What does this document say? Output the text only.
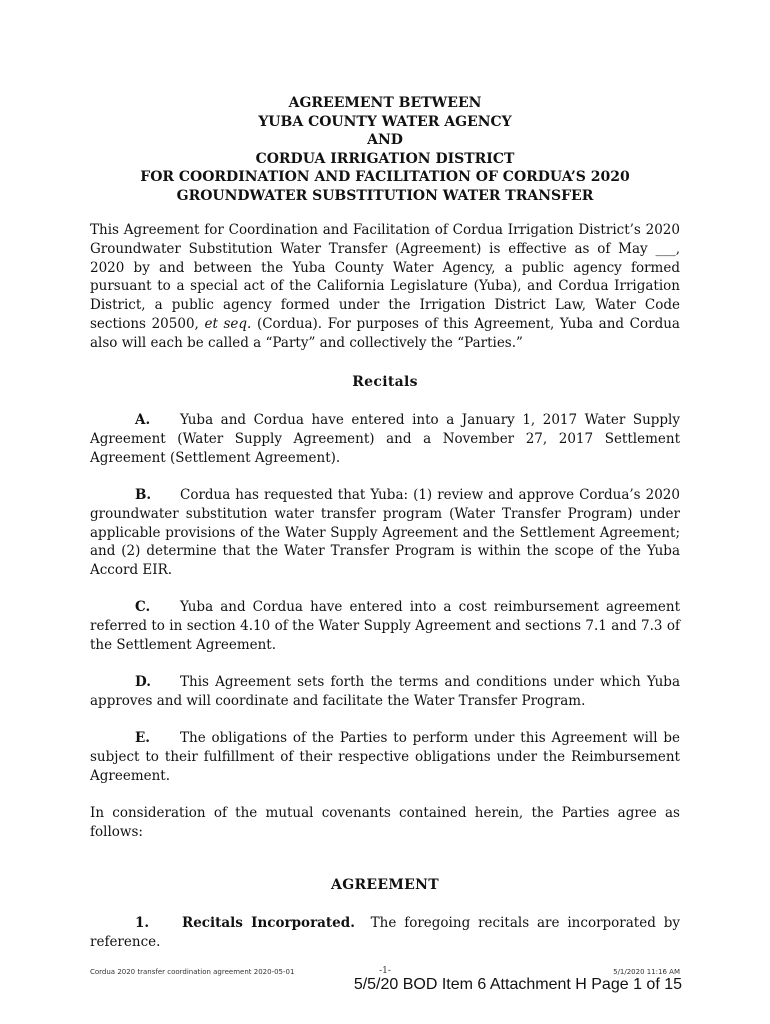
AGREEMENT BETWEEN
YUBA COUNTY WATER AGENCY
AND
CORDUA IRRIGATION DISTRICT
FOR COORDINATION AND FACILITATION OF CORDUA’S 2020
GROUNDWATER SUBSTITUTION WATER TRANSFER
This Agreement for Coordination and Facilitation of Cordua Irrigation District’s 2020 Groundwater Substitution Water Transfer (Agreement) is effective as of May ___, 2020 by and between the Yuba County Water Agency, a public agency formed pursuant to a special act of the California Legislature (Yuba), and Cordua Irrigation District, a public agency formed under the Irrigation District Law, Water Code sections 20500, et seq. (Cordua). For purposes of this Agreement, Yuba and Cordua also will each be called a “Party” and collectively the “Parties.”
Recitals
A. Yuba and Cordua have entered into a January 1, 2017 Water Supply Agreement (Water Supply Agreement) and a November 27, 2017 Settlement Agreement (Settlement Agreement).
B. Cordua has requested that Yuba: (1) review and approve Cordua’s 2020 groundwater substitution water transfer program (Water Transfer Program) under applicable provisions of the Water Supply Agreement and the Settlement Agreement; and (2) determine that the Water Transfer Program is within the scope of the Yuba Accord EIR.
C. Yuba and Cordua have entered into a cost reimbursement agreement referred to in section 4.10 of the Water Supply Agreement and sections 7.1 and 7.3 of the Settlement Agreement.
D. This Agreement sets forth the terms and conditions under which Yuba approves and will coordinate and facilitate the Water Transfer Program.
E. The obligations of the Parties to perform under this Agreement will be subject to their fulfillment of their respective obligations under the Reimbursement Agreement.
In consideration of the mutual covenants contained herein, the Parties agree as follows:
AGREEMENT
1. Recitals Incorporated. The foregoing recitals are incorporated by reference.
Cordua 2020 transfer coordination agreement 2020-05-01	-1-	5/1/2020 11:16 AM
5/5/20 BOD Item 6 Attachment H Page 1 of 15
